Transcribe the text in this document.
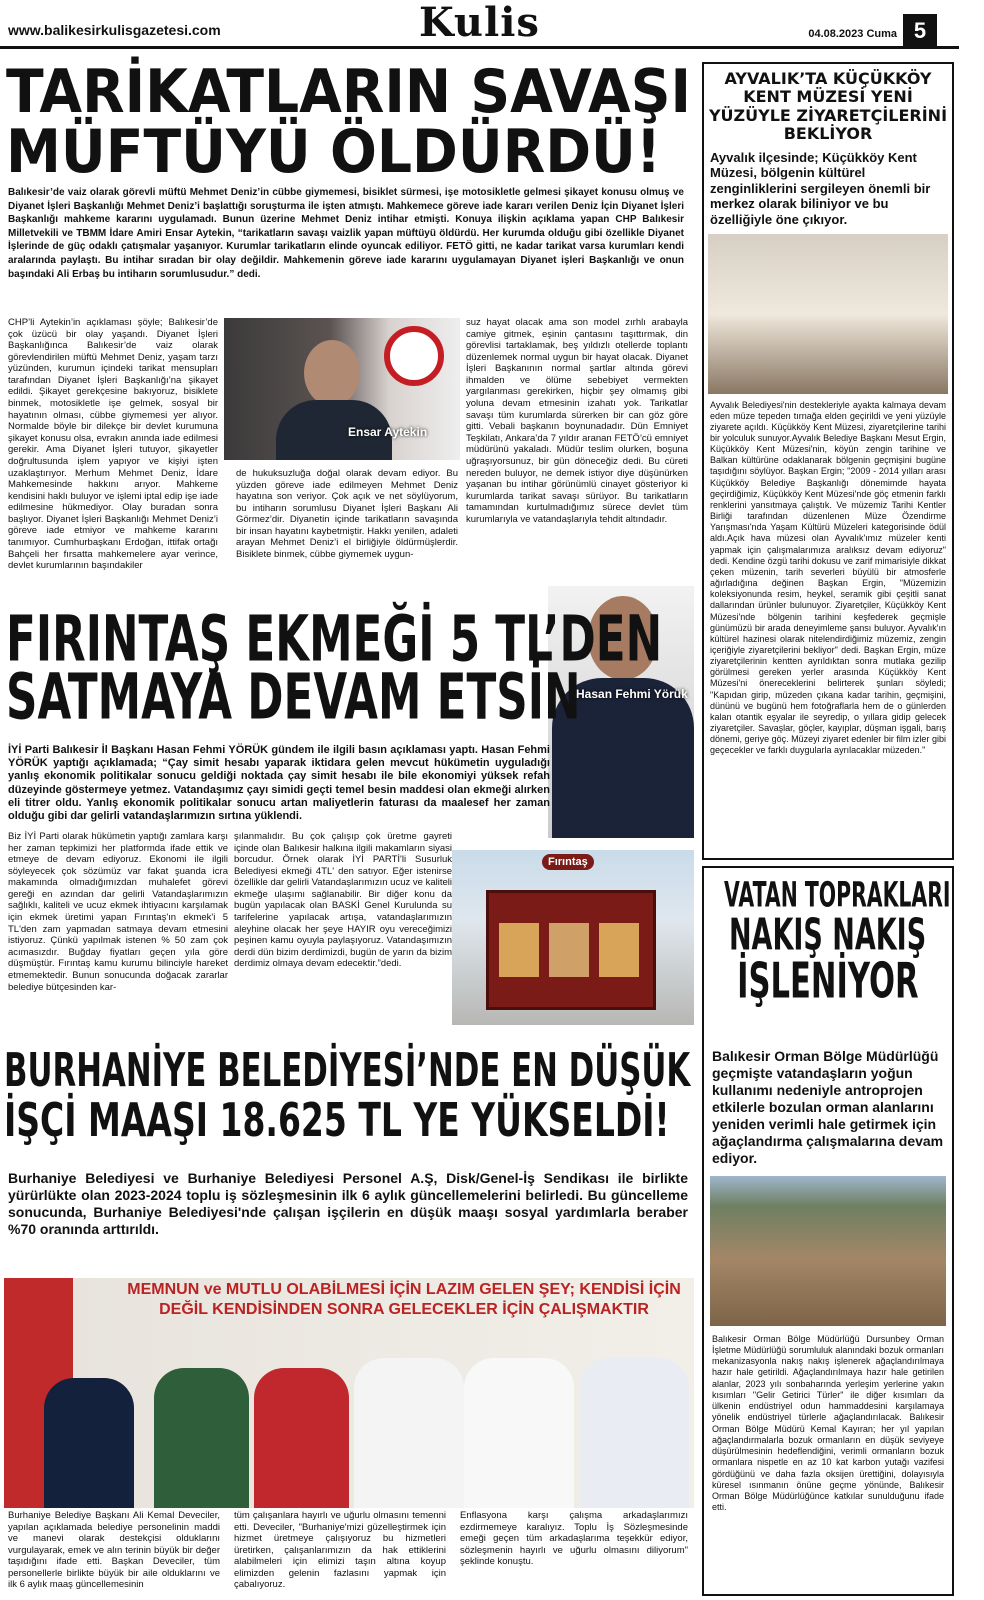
www.balikesirkulisgazetesi.com	Kulis	04.08.2023 Cuma 5
TARİKATLARIN SAVAŞI
MÜFTÜYÜ ÖLDÜRDÜ!
Balıkesir’de vaiz olarak görevli müftü Mehmet Deniz’in cübbe giymemesi, bisiklet sürmesi, işe motosikletle gelmesi şikayet konusu olmuş ve Diyanet İşleri Başkanlığı Mehmet Deniz’i başlattığı soruşturma ile işten atmıştı. Mahkemece göreve iade kararı verilen Deniz İçin Diyanet İşleri Başkanlığı mahkeme kararını uygulamadı. Bunun üzerine Mehmet Deniz intihar etmişti. Konuya ilişkin açıklama yapan CHP Balıkesir Milletvekili ve TBMM İdare Amiri Ensar Aytekin, “tarikatların savaşı vaizlik yapan müftüyü öldürdü. Her kurumda olduğu gibi özellikle Diyanet İşlerinde de güç odaklı çatışmalar yaşanıyor. Kurumlar tarikatların elinde oyuncak ediliyor. FETÖ gitti, ne kadar tarikat varsa kurumları kendi aralarında paylaştı. Bu intihar sıradan bir olay değildir. Mahkemenin göreve iade kararını uygulamayan Diyanet işleri Başkanlığı ve onun başındaki Ali Erbaş bu intiharın sorumlusudur.” dedi.
CHP’li Aytekin’in açıklaması şöyle; Balıkesir’de çok üzücü bir olay yaşandı. Diyanet İşleri Başkanlığınca Balıkesir’de vaiz olarak görevlendirilen müftü Mehmet Deniz, yaşam tarzı yüzünden, kurumun içindeki tarikat mensupları tarafından Diyanet İşleri Başkanlığı’na şikayet edildi. Şikayet gerekçesine bakıyoruz, bisiklete binmek, motosikletle işe gelmek, sosyal bir hayatının olması, cübbe giymemesi yer alıyor. Normalde böyle bir dilekçe bir devlet kurumuna şikayet konusu olsa, evrakın anında iade edilmesi gerekir. Ama Diyanet İşleri tutuyor, şikayetler doğrultusunda işlem yapıyor ve kişiyi işten uzaklaştırıyor. Merhum Mehmet Deniz, İdare Mahkemesinde hakkını arıyor. Mahkeme kendisini haklı buluyor ve işlemi iptal edip işe iade edilmesine hükmediyor. Olay buradan sonra başlıyor. Diyanet İşleri Başkanlığı Mehmet Deniz’i göreve iade etmiyor ve mahkeme kararını tanımıyor. Cumhurbaşkanı Erdoğan, ittifak ortağı Bahçeli her fırsatta mahkemelere ayar verince, devlet kurumlarının başındakiler
Ensar Aytekin
de hukuksuzluğa doğal olarak devam ediyor. Bu yüzden göreve iade edilmeyen Mehmet Deniz hayatına son veriyor. Çok açık ve net söylüyorum, bu intiharın sorumlusu Diyanet İşleri Başkanı Ali Görmez’dir. Diyanetin içinde tarikatların savaşında bir insan hayatını kaybetmiştir. Hakkı yenilen, adaleti arayan Mehmet Deniz’i el birliğiyle öldürmüşlerdir. Bisiklete binmek, cübbe giymemek uygun-
suz hayat olacak ama son model zırhlı arabayla camiye gitmek, eşinin çantasını taşıttırmak, din görevlisi tartaklamak, beş yıldızlı otellerde toplantı düzenlemek normal uygun bir hayat olacak. Diyanet İşleri Başkanının normal şartlar altında görevi ihmalden ve ölüme sebebiyet vermekten yargılanması gerekirken, hiçbir şey olmamış gibi yoluna devam etmesinin izahatı yok. Tarikatlar savaşı tüm kurumlarda sürerken bir can göz göre gitti. Vebali başkanın boynunadadır. Dün Emniyet Teşkilatı, Ankara’da 7 yıldır aranan FETÖ’cü emniyet müdürünü yakaladı. Müdür teslim olurken, boşuna uğraşıyorsunuz, bir gün döneceğiz dedi. Bu cüreti nereden buluyor, ne demek istiyor diye düşünürken yaşanan bu intihar görünümlü cinayet gösteriyor ki kurumlarda tarikat savaşı sürüyor. Bu tarikatların tamamından kurtulmadığımız sürece devlet tüm kurumlarıyla ve vatandaşlarıyla tehdit altındadır.
Hasan Fehmi Yörük
FIRINTAŞ EKMEĞİ 5 TL’DEN
SATMAYA DEVAM ETSİN
İYİ Parti Balıkesir İl Başkanı Hasan Fehmi YÖRÜK gündem ile ilgili basın açıklaması yaptı. Hasan Fehmi YÖRÜK yaptığı açıklamada; “Çay simit hesabı yaparak iktidara gelen mevcut hükümetin uyguladığı yanlış ekonomik politikalar sonucu geldiği noktada çay simit hesabı ile bile ekonomiyi yüksek refah düzeyinde göstermeye yetmez. Vatandaşımız çayı simidi geçti temel besin maddesi olan ekmeği alırken eli titrer oldu. Yanlış ekonomik politikalar sonucu artan maliyetlerin faturası da maalesef her zaman olduğu gibi dar gelirli vatandaşlarımızın sırtına yüklendi.
Biz İYİ Parti olarak hükümetin yaptığı zamlara karşı her zaman tepkimizi her platformda ifade ettik ve etmeye de devam ediyoruz. Ekonomi ile ilgili söyleyecek çok sözümüz var fakat şuanda icra makamında olmadığımızdan muhalefet görevi gereği en azından dar gelirli Vatandaşlarımızın sağlıklı, kaliteli ve ucuz ekmek ihtiyacını karşılamak için ekmek üretimi yapan Fırıntaş'ın ekmek'i 5 TL'den zam yapmadan satmaya devam etmesini istiyoruz. Çünkü yapılmak istenen % 50 zam çok acımasızdır. Buğday fiyatları geçen yıla göre düşmüştür. Fırıntaş kamu kurumu bilinciyle hareket etmemektedir. Bunun sonucunda doğacak zararlar belediye bütçesinden kar-
şılanmalıdır. Bu çok çalışıp çok üretme gayreti içinde olan Balıkesir halkına ilgili makamların siyasi borcudur. Örnek olarak İYİ PARTİ'li Susurluk Belediyesi ekmeği 4TL' den satıyor. Eğer istenirse özellikle dar gelirli Vatandaşlarımızın ucuz ve kaliteli ekmeğe ulaşımı sağlanabilir. Bir diğer konu da bugün yapılacak olan BASKİ Genel Kurulunda su tarifelerine yapılacak artışa, vatandaşlarımızın aleyhine olacak her şeye HAYIR oyu vereceğimizi peşinen kamu oyuyla paylaşıyoruz. Vatandaşımızın derdi dün bizim derdimizdi, bugün de yarın da bizim derdimiz olmaya devam edecektir.”dedi.
Fırıntaş
BURHANİYE BELEDİYESİ’NDE EN DÜŞÜK
İŞÇİ MAAŞI 18.625 TL YE YÜKSELDİ!
Burhaniye Belediyesi ve Burhaniye Belediyesi Personel A.Ş, Disk/Genel-İş Sendikası ile birlikte yürürlükte olan 2023-2024 toplu iş sözleşmesinin ilk 6 aylık güncellemelerini belirledi. Bu güncelleme sonucunda, Burhaniye Belediyesi'nde çalışan işçilerin en düşük maaşı sosyal yardımlarla beraber %70 oranında arttırıldı.
MEMNUN ve MUTLU OLABİLMESİ İÇİN LAZIM GELEN ŞEY; KENDİSİ İÇİN DEĞİL KENDİSİNDEN SONRA GELECEKLER İÇİN ÇALIŞMAKTIR
Burhaniye Belediye Başkanı Ali Kemal Deveciler, yapılan açıklamada belediye personelinin maddi ve manevi olarak destekçisi olduklarını vurgulayarak, emek ve alın terinin büyük bir değer taşıdığını ifade etti. Başkan Deveciler, tüm personellerle birlikte büyük bir aile olduklarını ve ilk 6 aylık maaş güncellemesinin
tüm çalışanlara hayırlı ve uğurlu olmasını temenni etti. Deveciler, "Burhaniye'mizi güzelleştirmek için hizmet üretmeye çalışıyoruz bu hizmetleri üretirken, çalışanlarımızın da hak ettiklerini alabilmeleri için elimizi taşın altına koyup elimizden gelenin fazlasını yapmak için çabalıyoruz.
Enflasyona karşı çalışma arkadaşlarımızı ezdirmemeye karalıyız. Toplu İş Sözleşmesinde emeği geçen tüm arkadaşlarıma teşekkür ediyor, sözleşmenin hayırlı ve uğurlu olmasını diliyorum" şeklinde konuştu.
AYVALIK’TA KÜÇÜKKÖY KENT MÜZESİ YENİ YÜZÜYLE ZİYARETÇİLERİNİ BEKLİYOR
Ayvalık ilçesinde; Küçükköy Kent Müzesi, bölgenin kültürel zenginliklerini sergileyen önemli bir merkez olarak biliniyor ve bu özelliğiyle öne çıkıyor.
Ayvalık Belediyesi'nin destekleriyle ayakta kalmaya devam eden müze tepeden tırnağa elden geçirildi ve yeni yüzüyle ziyarete açıldı. Küçükköy Kent Müzesi, ziyaretçilerine tarihi bir yolculuk sunuyor.Ayvalık Belediye Başkanı Mesut Ergin, Küçükköy Kent Müzesi'nin, köyün zengin tarihine ve Balkan kültürüne odaklanarak bölgenin geçmişini bugüne taşıdığını söylüyor. Başkan Ergin; "2009 - 2014 yılları arası Küçükköy Belediye Başkanlığı dönemimde hayata geçirdiğimiz, Küçükköy Kent Müzesi'nde göç etmenin farklı renklerini yansıtmaya çalıştık. Ve müzemiz Tarihi Kentler Birliği tarafından düzenlenen Müze Özendirme Yarışması'nda Yaşam Kültürü Müzeleri kategorisinde ödül aldı.Açık hava müzesi olan Ayvalık'ımız müzeler kenti yapmak için çalışmalarımıza aralıksız devam ediyoruz" dedi. Kendine özgü tarihi dokusu ve zarif mimarisiyle dikkat çeken müzenin, tarih severleri büyülü bir atmosferle ağırladığına değinen Başkan Ergin, "Müzemizin koleksiyonunda resim, heykel, seramik gibi çeşitli sanat dallarından ürünler bulunuyor. Ziyaretçiler, Küçükköy Kent Müzesi'nde bölgenin tarihini keşfederek geçmişle günümüzü bir arada deneyimleme şansı buluyor. Ayvalık'ın kültürel hazinesi olarak nitelendirdiğimiz müzemiz, zengin içeriğiyle ziyaretçilerini bekliyor" dedi. Başkan Ergin, müze ziyaretçilerinin kentten ayrıldıktan sonra mutlaka gezilip görülmesi gereken yerler arasında Küçükköy Kent Müzesi'ni önereceklerini belirterek şunları söyledi; "Kapıdan girip, müzeden çıkana kadar tarihin, geçmişini, dününü ve bugünü hem fotoğraflarla hem de o günlerden kalan otantik eşyalar ile seyredip, o yıllara gidip gelecek ziyaretçiler. Savaşlar, göçler, kayıplar, düşman işgali, barış dönemi, geriye göç. Müzeyi ziyaret edenler bir film izler gibi geçecekler ve farklı duygularla ayrılacaklar müzeden."
VATAN TOPRAKLARI
NAKIŞ NAKIŞ
İŞLENİYOR
Balıkesir Orman Bölge Müdürlüğü geçmişte vatandaşların yoğun kullanımı nedeniyle antroprojen etkilerle bozulan orman alanlarını yeniden verimli hale getirmek için ağaçlandırma çalışmalarına devam ediyor.
Balıkesir Orman Bölge Müdürlüğü Dursunbey Orman İşletme Müdürlüğü sorumluluk alanındaki bozuk ormanları mekanizasyonla nakış nakış işlenerek ağaçlandırılmaya hazır hale getirildi. Ağaçlandırılmaya hazır hale getirilen alanlar, 2023 yılı sonbaharında yerleşim yerlerine yakın kısımları "Gelir Getirici Türler" ile diğer kısımları da ülkenin endüstriyel odun hammaddesini karşılamaya yönelik endüstriyel türlerle ağaçlandırılacak. Balıkesir Orman Bölge Müdürü Kemal Kayıran; her yıl yapılan ağaçlandırmalarla bozuk ormanların en düşük seviyeye düşürülmesinin hedeflendiğini, verimli ormanların bozuk ormanlara nispetle en az 10 kat karbon yutağı vazifesi gördüğünü ve daha fazla oksijen ürettiğini, dolayısıyla küresel ısınmanın önüne geçme yönünde, Balıkesir Orman Bölge Müdürlüğünce katkılar sunulduğunu ifade etti.
